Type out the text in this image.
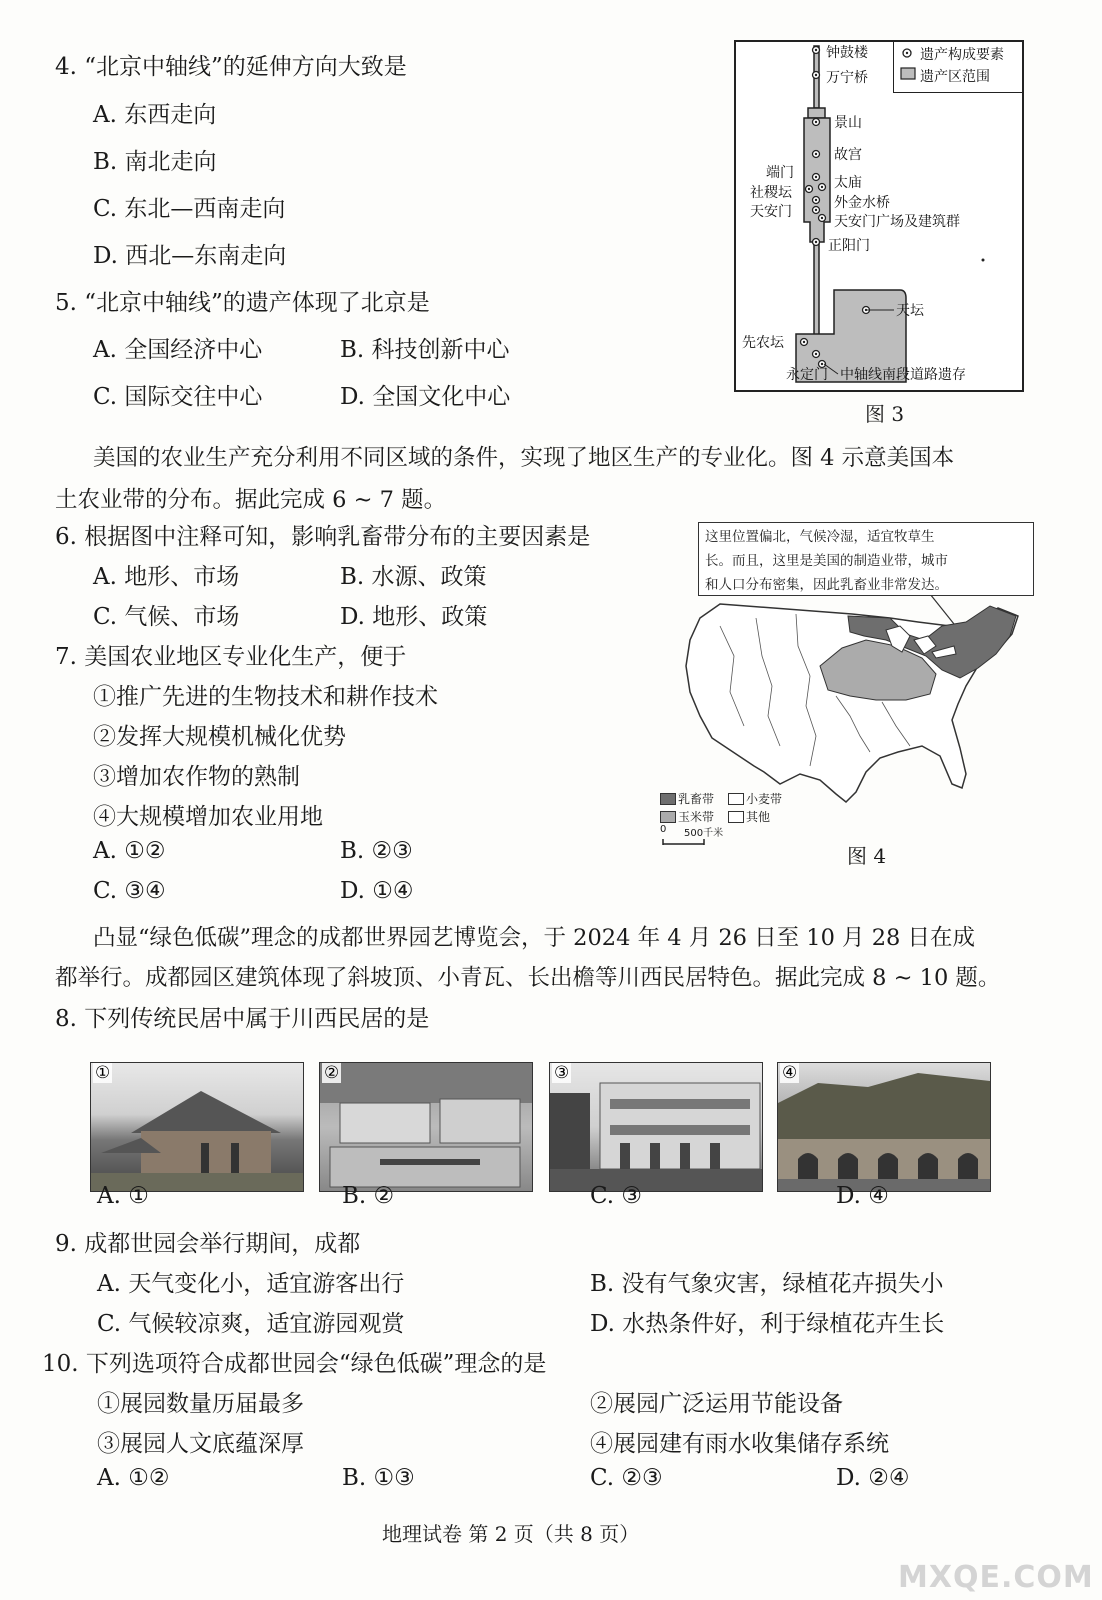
4. “北京中轴线”的延伸方向大致是
A. 东西走向
B. 南北走向
C. 东北—西南走向
D. 西北—东南走向
5. “北京中轴线”的遗产体现了北京是
A. 全国经济中心	B. 科技创新中心
C. 国际交往中心	D. 全国文化中心
遗产构成要素
遗产区范围
钟鼓楼
万宁桥
景山
故宫
端门
太庙
社稷坛
外金水桥
天安门
天安门广场及建筑群
正阳门
天坛
先农坛
永定门 中轴线南段道路遗存
图 3
美国的农业生产充分利用不同区域的条件，实现了地区生产的专业化。图 4 示意美国本
土农业带的分布。据此完成 6 ~ 7 题。
6. 根据图中注释可知，影响乳畜带分布的主要因素是
A. 地形、市场	B. 水源、政策
C. 气候、市场	D. 地形、政策
7. 美国农业地区专业化生产，便于
①推广先进的生物技术和耕作技术
②发挥大规模机械化优势
③增加农作物的熟制
④大规模增加农业用地
A. ①②	B. ②③
C. ③④	D. ①④
这里位置偏北，气候冷湿，适宜牧草生
长。而且，这里是美国的制造业带，城市
和人口分布密集，因此乳畜业非常发达。
乳畜带	小麦带
玉米带	其他
0 500千米
图 4
凸显“绿色低碳”理念的成都世界园艺博览会，于 2024 年 4 月 26 日至 10 月 28 日在成
都举行。成都园区建筑体现了斜坡顶、小青瓦、长出檐等川西民居特色。据此完成 8 ~ 10 题。
8. 下列传统民居中属于川西民居的是
①	②	③	④
A. ①	B. ②	C. ③	D. ④
9. 成都世园会举行期间，成都
A. 天气变化小，适宜游客出行	B. 没有气象灾害，绿植花卉损失小
C. 气候较凉爽，适宜游园观赏	D. 水热条件好，利于绿植花卉生长
10. 下列选项符合成都世园会“绿色低碳”理念的是
①展园数量历届最多	②展园广泛运用节能设备
③展园人文底蕴深厚	④展园建有雨水收集储存系统
A. ①②	B. ①③	C. ②③	D. ②④
地理试卷 第 2 页（共 8 页）
MXQE.COM
